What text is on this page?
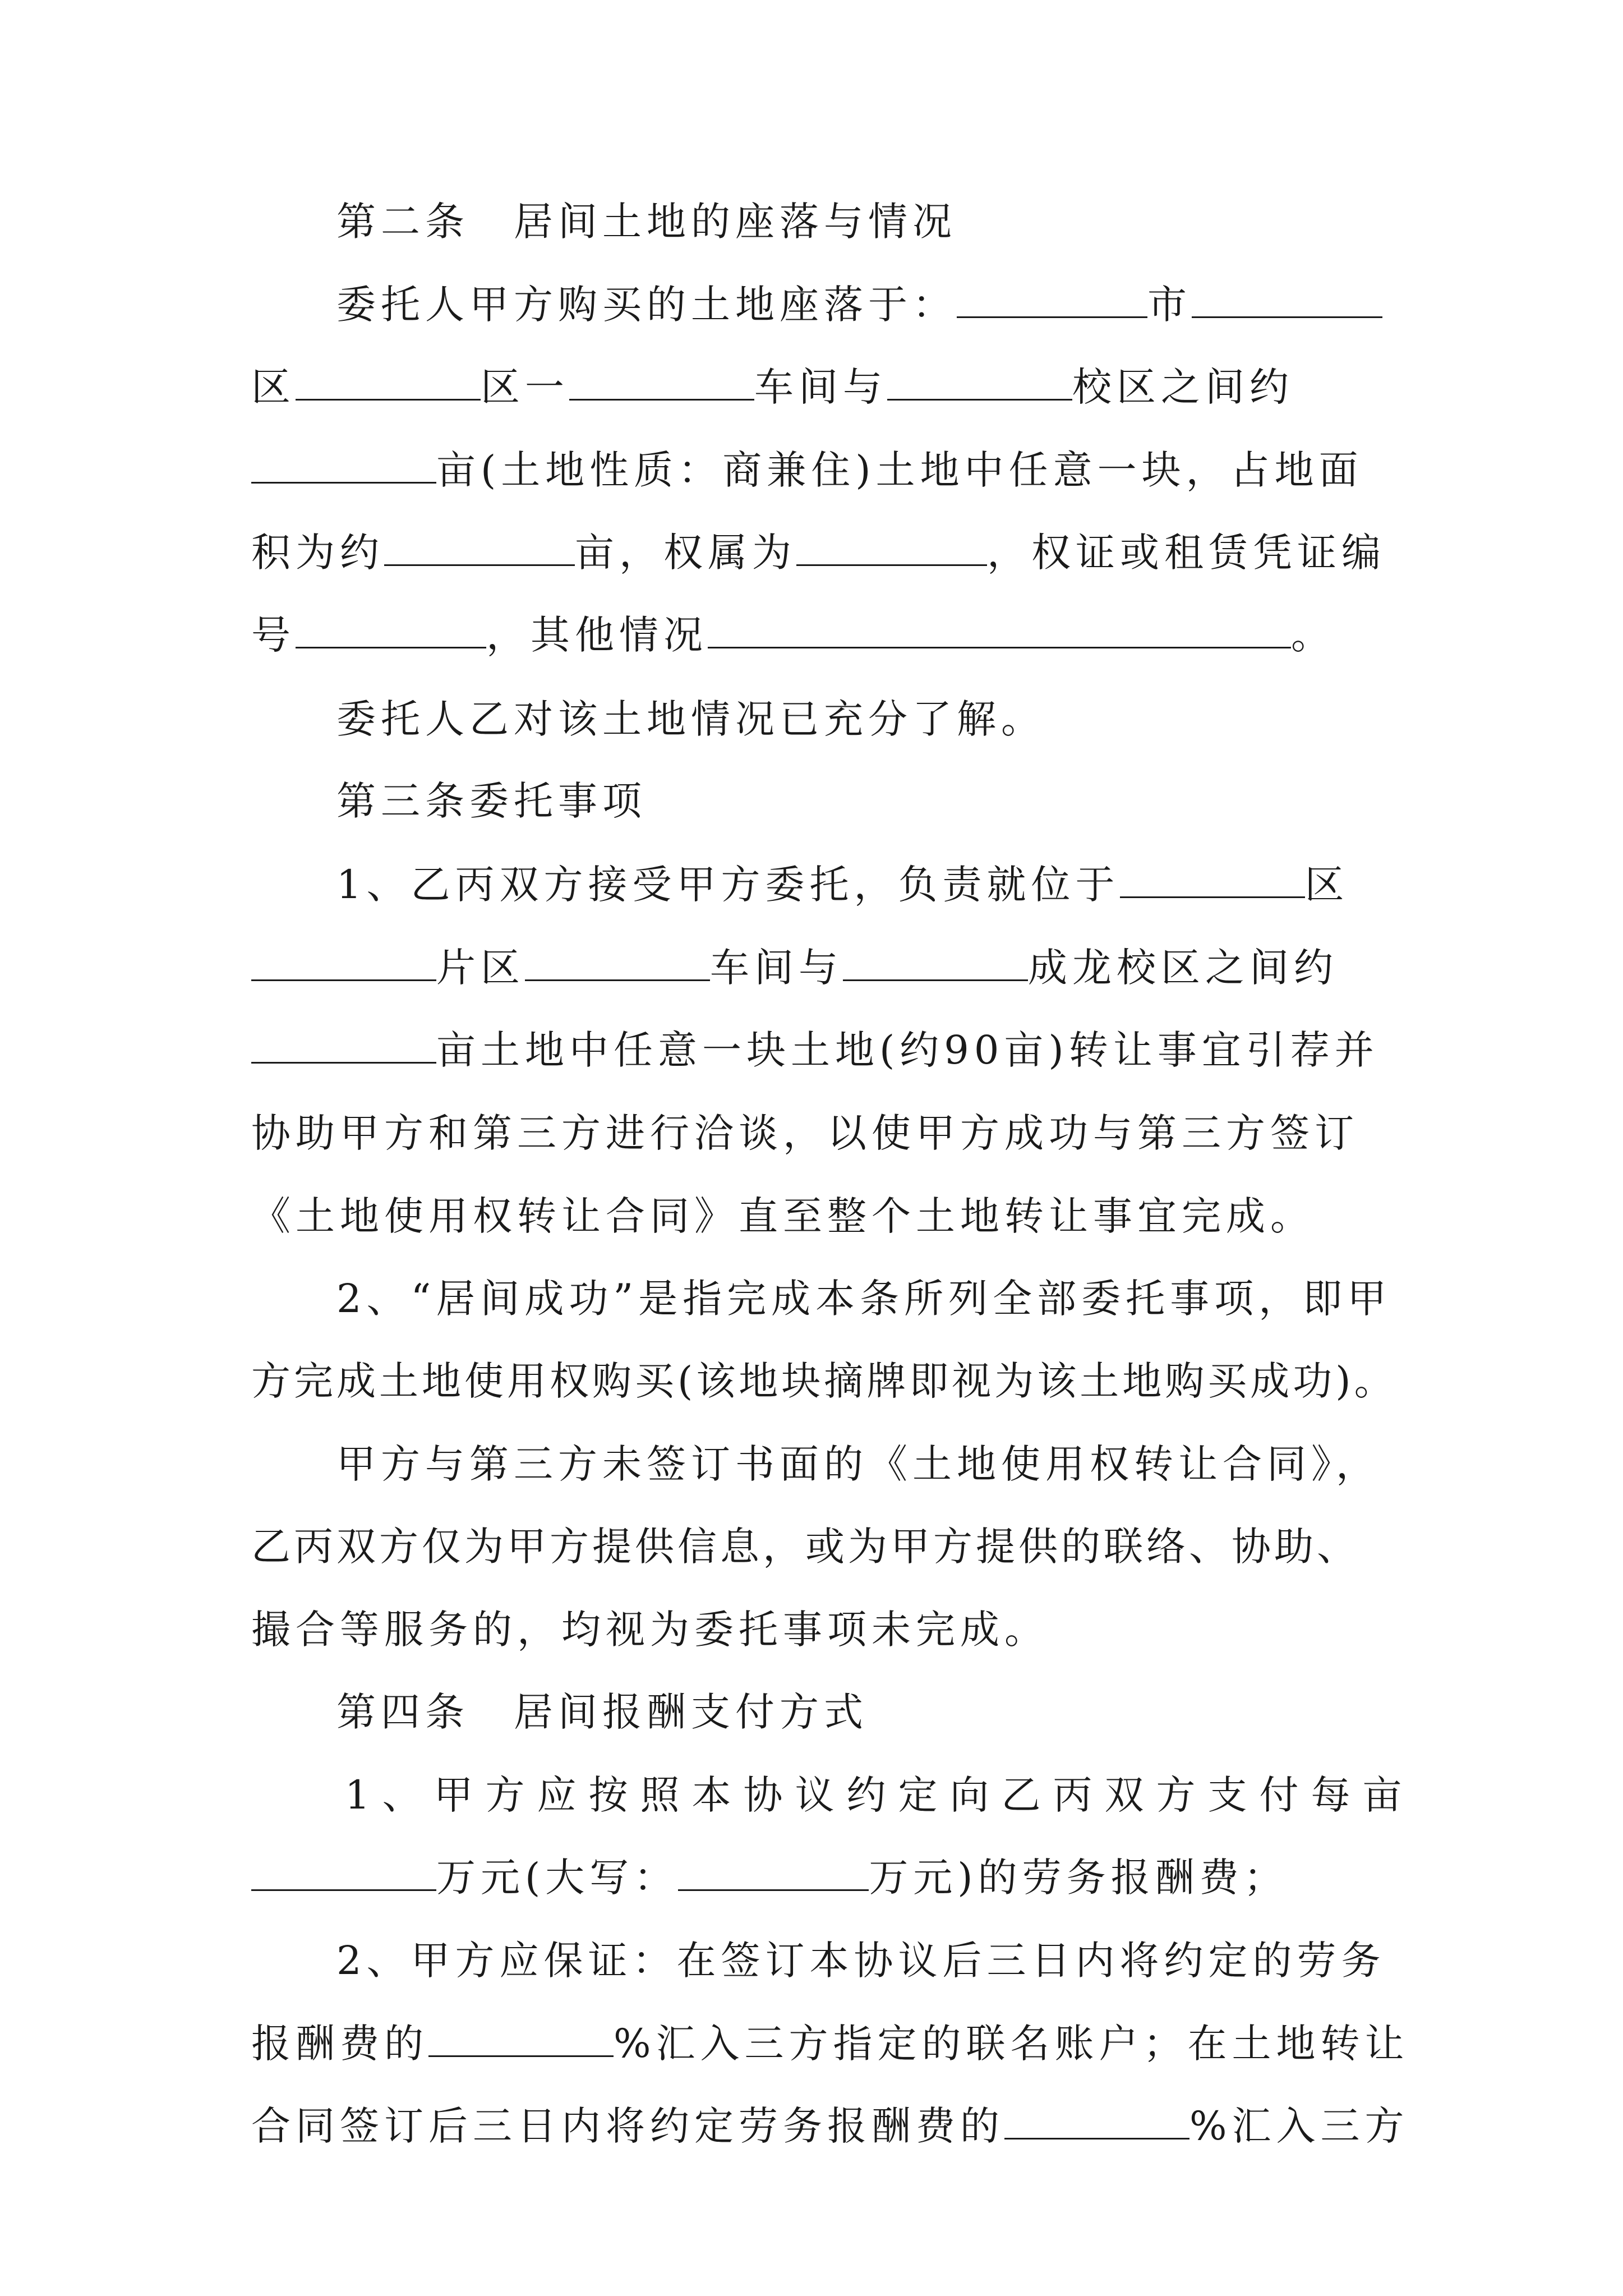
第二条　居间土地的座落与情况
委托人甲方购买的土地座落于：	市
区	区一	车间与	校区之间约
亩(土地性质：商兼住)土地中任意一块，占地面
积为约	亩，权属为	，权证或租赁凭证编
号	，其他情况	。
委托人乙对该土地情况已充分了解。
第三条委托事项
1、乙丙双方接受甲方委托，负责就位于	区
片区	车间与	成龙校区之间约
亩土地中任意一块土地(约90亩)转让事宜引荐并
协助甲方和第三方进行洽谈，以使甲方成功与第三方签订
《土地使用权转让合同》直至整个土地转让事宜完成。
2、“居间成功”是指完成本条所列全部委托事项，即甲
方完成土地使用权购买(该地块摘牌即视为该土地购买成功)。
甲方与第三方未签订书面的《土地使用权转让合同》，
乙丙双方仅为甲方提供信息，或为甲方提供的联络、协助、
撮合等服务的，均视为委托事项未完成。
第四条　居间报酬支付方式
1、甲方应按照本协议约定向乙丙双方支付每亩
万元(大写：	万元)的劳务报酬费；
2、甲方应保证：在签订本协议后三日内将约定的劳务
报酬费的	%汇入三方指定的联名账户；在土地转让
合同签订后三日内将约定劳务报酬费的	%汇入三方
